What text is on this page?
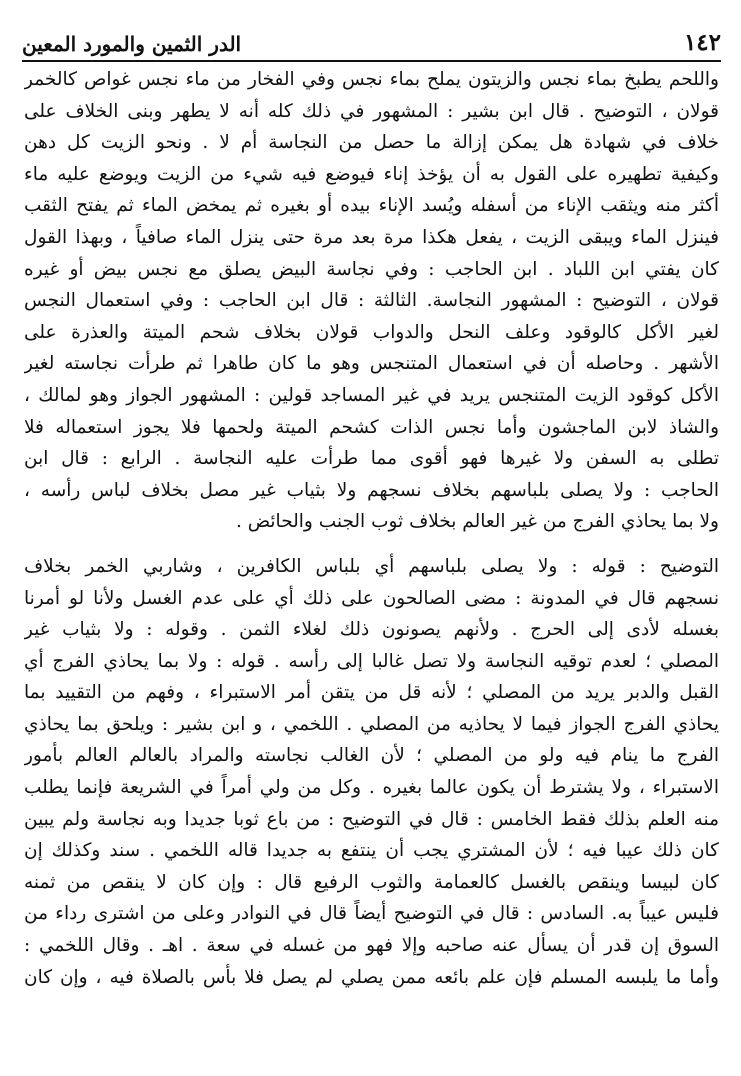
١٤٢
الدر الثمين والمورد المعين
واللحم يطبخ بماء نجس والزيتون يملح بماء نجس وفي الفخار من ماء نجس غواص كالخمر
قولان ، التوضيح . قال ابن بشير : المشهور في ذلك كله أنه لا يطهر وبنى الخلاف على
خلاف في شهادة هل يمكن إزالة ما حصل من النجاسة أم لا . ونحو الزيت كل دهن
وكيفية تطهيره على القول به أن يؤخذ إناء فيوضع فيه شيء من الزيت ويوضع عليه ماء
أكثر منه ويثقب الإناء من أسفله ويُسد الإناء بيده أو بغيره ثم يمخض الماء ثم يفتح الثقب
فينزل الماء ويبقى الزيت ، يفعل هكذا مرة بعد مرة حتى ينزل الماء صافياً ، وبهذا القول
كان يفتي ابن اللباد . ابن الحاجب : وفي نجاسة البيض يصلق مع نجس بيض أو غيره
قولان ، التوضيح : المشهور النجاسة. الثالثة : قال ابن الحاجب : وفي استعمال النجس
لغير الأكل كالوقود وعلف النحل والدواب قولان بخلاف شحم الميتة والعذرة على
الأشهر . وحاصله أن في استعمال المتنجس وهو ما كان طاهرا ثم طرأت نجاسته لغير
الأكل كوقود الزيت المتنجس يريد في غير المساجد قولين : المشهور الجواز وهو لمالك ،
والشاذ لابن الماجشون وأما نجس الذات كشحم الميتة ولحمها فلا يجوز استعماله فلا
تطلى به السفن ولا غيرها فهو أقوى مما طرأت عليه النجاسة . الرابع : قال ابن
الحاجب : ولا يصلى بلباسهم بخلاف نسجهم ولا بثياب غير مصل بخلاف لباس رأسه ،
ولا بما يحاذي الفرج من غير العالم بخلاف ثوب الجنب والحائض .
التوضيح : قوله : ولا يصلى بلباسهم أي بلباس الكافرين ، وشاربي الخمر بخلاف
نسجهم قال في المدونة : مضى الصالحون على ذلك أي على عدم الغسل ولأنا لو أمرنا
بغسله لأدى إلى الحرج . ولأنهم يصونون ذلك لغلاء الثمن . وقوله : ولا بثياب غير
المصلي ؛ لعدم توقيه النجاسة ولا تصل غالبا إلى رأسه . قوله : ولا بما يحاذي الفرج أي
القبل والدبر يريد من المصلي ؛ لأنه قل من يتقن أمر الاستبراء ، وفهم من التقييد بما
يحاذي الفرج الجواز فيما لا يحاذيه من المصلي . اللخمي ، و ابن بشير : ويلحق بما يحاذي
الفرج ما ينام فيه ولو من المصلي ؛ لأن الغالب نجاسته والمراد بالعالم العالم بأمور
الاستبراء ، ولا يشترط أن يكون عالما بغيره . وكل من ولي أمراً في الشريعة فإنما يطلب
منه العلم بذلك فقط الخامس : قال في التوضيح : من باع ثوبا جديدا وبه نجاسة ولم يبين
كان ذلك عيبا فيه ؛ لأن المشتري يجب أن ينتفع به جديدا قاله اللخمي . سند وكذلك إن
كان لبيسا وينقص بالغسل كالعمامة والثوب الرفيع قال : وإن كان لا ينقص من ثمنه
فليس عيباً به. السادس : قال في التوضيح أيضاً قال في النوادر وعلى من اشترى رداء من
السوق إن قدر أن يسأل عنه صاحبه وإلا فهو من غسله في سعة . اهـ . وقال اللخمي :
وأما ما يلبسه المسلم فإن علم بائعه ممن يصلي لم يصل فلا بأس بالصلاة فيه ، وإن كان
